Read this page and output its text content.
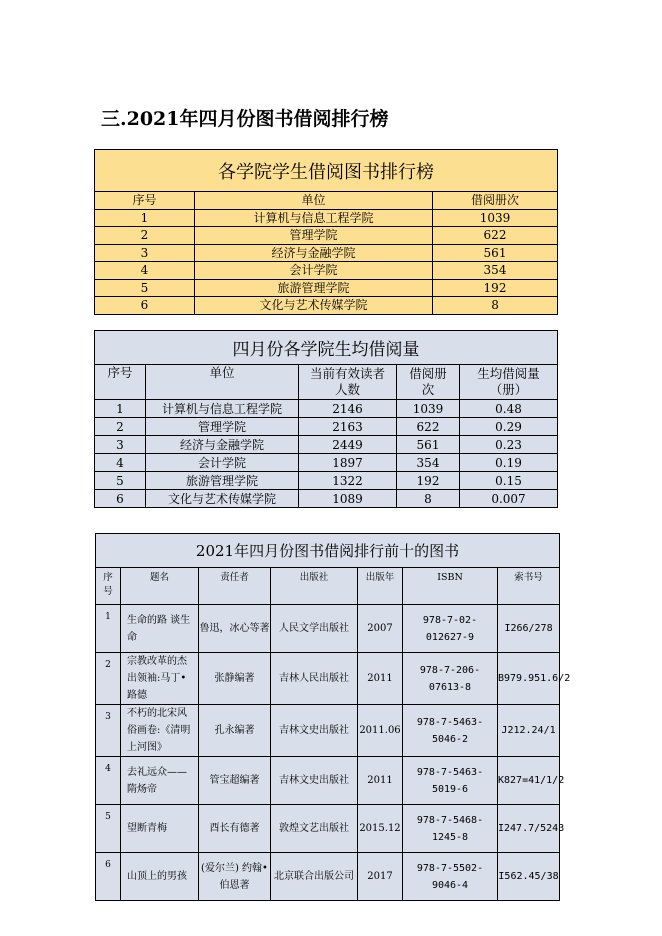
三.2021年四月份图书借阅排行榜
各学院学生借阅图书排行榜		
序号	单位	借阅册次
1	计算机与信息工程学院	1039
2	管理学院	622
3	经济与金融学院	561
4	会计学院	354
5	旅游管理学院	192
6	文化与艺术传媒学院	8
四月份各学院生均借阅量				
序号	单位	当前有效读者人数	借阅册次	生均借阅量（册）
1	计算机与信息工程学院	2146	1039	0.48
2	管理学院	2163	622	0.29
3	经济与金融学院	2449	561	0.23
4	会计学院	1897	354	0.19
5	旅游管理学院	1322	192	0.15
6	文化与艺术传媒学院	1089	8	0.007
2021年四月份图书借阅排行前十的图书						
序号	题名	责任者	出版社	出版年	ISBN	索书号
1	生命的路 谈生命	鲁迅，冰心等著	人民文学出版社	2007	978-7-02-012627-9	I266/278
2	宗教改革的杰出领袖:马丁•路德	张静编著	吉林人民出版社	2011	978-7-206-07613-8	B979.951.6/2
3	不朽的北宋风俗画卷:《清明上河图》	孔永编著	吉林文史出版社	2011.06	978-7-5463-5046-2	J212.24/1
4	去礼远众——隋炀帝	管宝超编著	吉林文史出版社	2011	978-7-5463-5019-6	K827=41/1/2
5	望断青梅	酉长有德著	敦煌文艺出版社	2015.12	978-7-5468-1245-8	I247.7/5243
6	山顶上的男孩	(爱尔兰) 约翰•伯恩著	北京联合出版公司	2017	978-7-5502-9046-4	I562.45/38
